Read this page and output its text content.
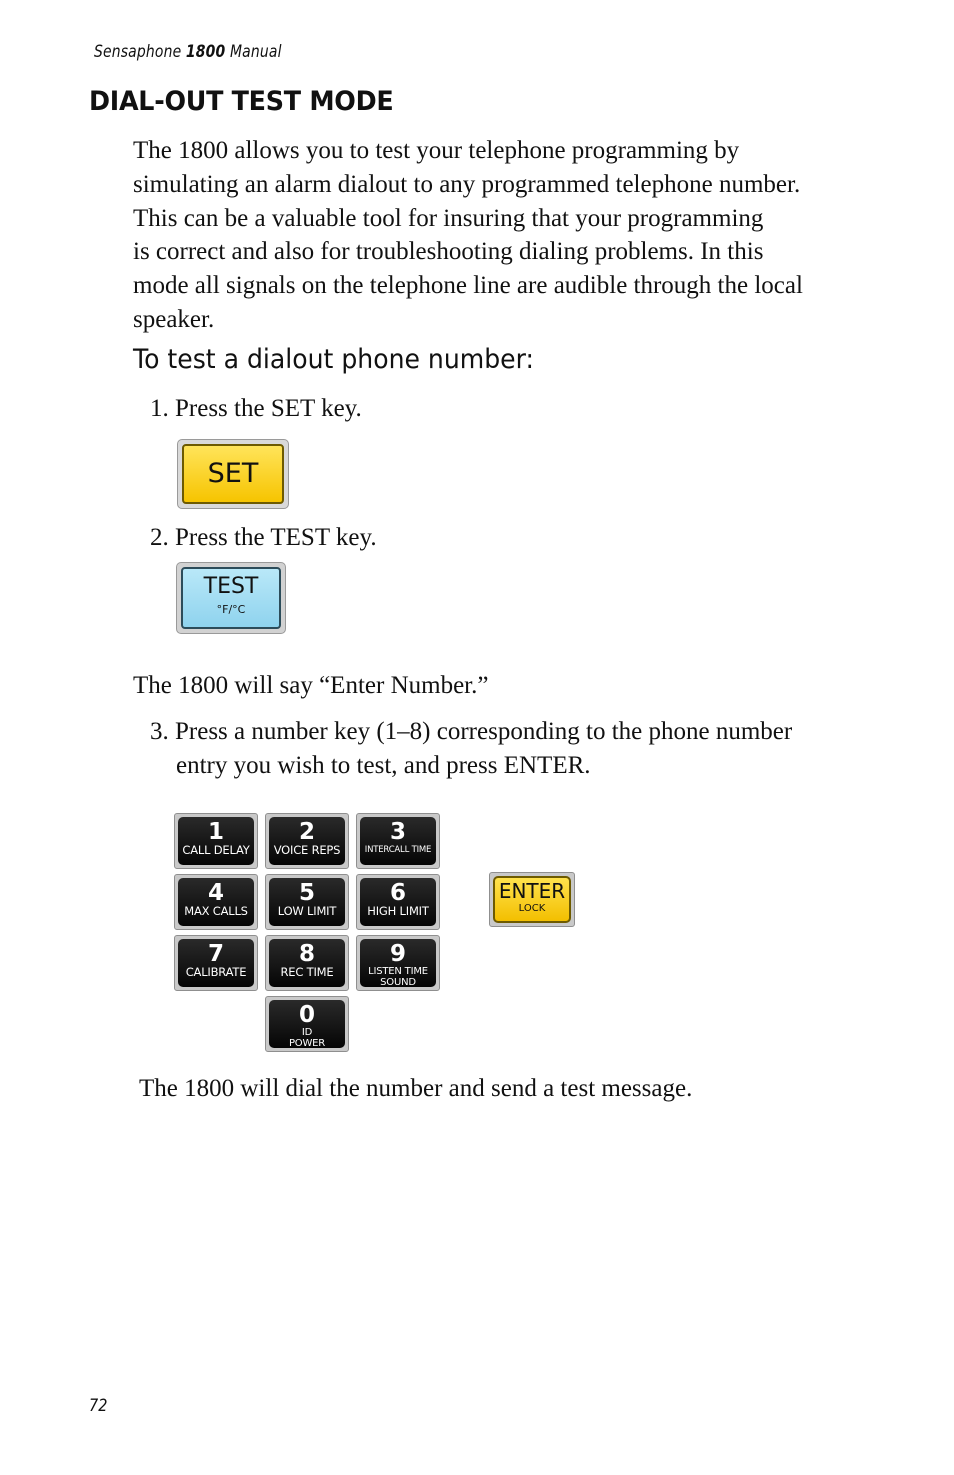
Sensaphone 1800 Manual
DIAL-OUT TEST MODE

The 1800 allows you to test your telephone programming by
simulating an alarm dialout to any programmed telephone number.
This can be a valuable tool for insuring that your programming
is correct and also for troubleshooting dialing problems. In this
mode all signals on the telephone line are audible through the local
speaker.

To test a dialout phone number:

1. Press the SET key.

SET

2. Press the TEST key.

TEST
°F/°C

The 1800 will say “Enter Number.”

3. Press a number key (1–8) corresponding to the phone number

entry you wish to test, and press ENTER.

1
CALL DELAY
2
VOICE REPS
3
INTERCALL TIME
4
MAX CALLS
5
LOW LIMIT
6
HIGH LIMIT
7
CALIBRATE
8
REC TIME
9
LISTEN TIME
SOUND
0
ID
POWER
ENTER
LOCK

The 1800 will dial the number and send a test message.

72
